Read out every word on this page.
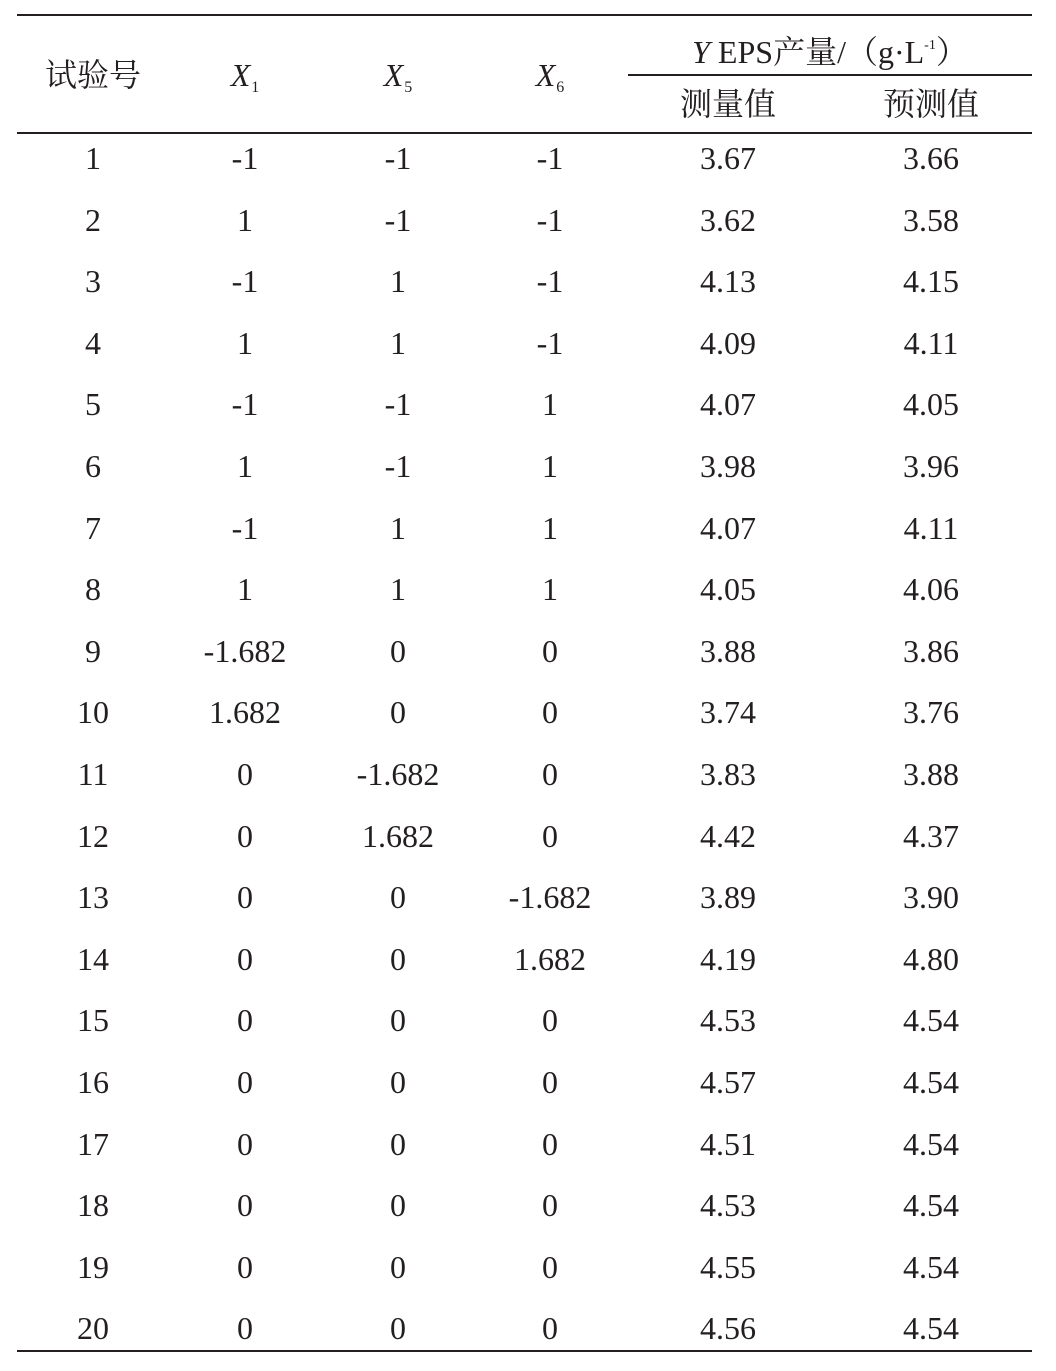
试验号	$X_1$	$X_5$	$X_6$
Y EPS产量$/(g\cdot L^{-1})$
测量值	预测值
1	-1	-1	-1	3.67	3.66
2	1	-1	-1	3.62	3.58
3	-1	1	-1	4.13	4.15
4	1	1	-1	4.09	4.11
5	-1	-1	1	4.07	4.05
6	1	-1	1	3.98	3.96
7	-1	1	1	4.07	4.11
8	1	1	1	4.05	4.06
9	-1.682	0	0	3.88	3.86
10	1.682	0	0	3.74	3.76
11	0	-1.682	0	3.83	3.88
12	0	1.682	0	4.42	4.37
13	0	0	-1.682	3.89	3.90
14	0	0	1.682	4.19	4.80
15	0	0	0	4.53	4.54
16	0	0	0	4.57	4.54
17	0	0	0	4.51	4.54
18	0	0	0	4.53	4.54
19	0	0	0	4.55	4.54
20	0	0	0	4.56	4.54
